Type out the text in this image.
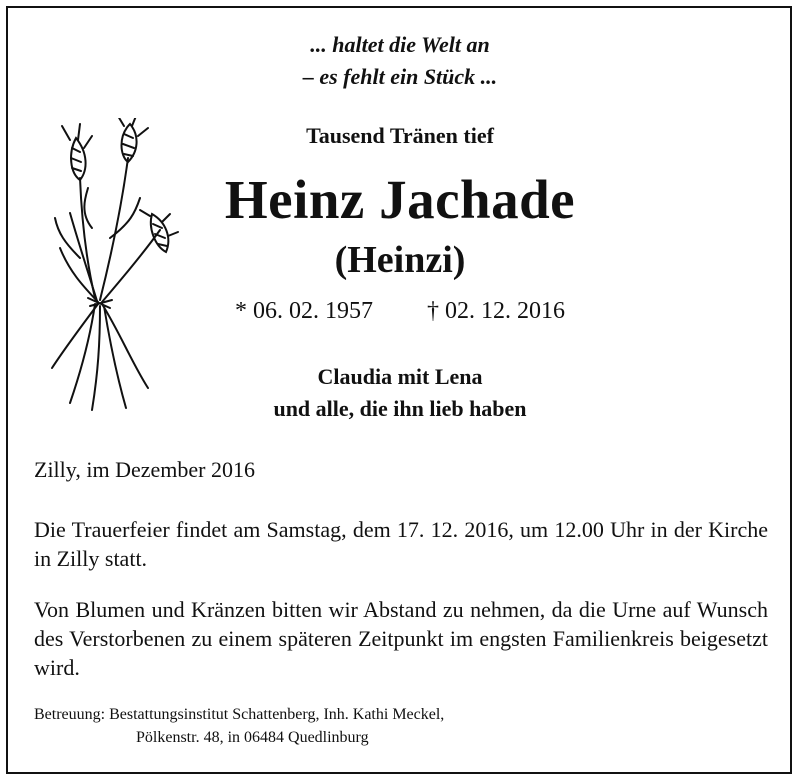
... haltet die Welt an
– es fehlt ein Stück ...
Tausend Tränen tief
Heinz Jachade
(Heinzi)
* 06. 02. 1957 † 02. 12. 2016
Claudia mit Lena
und alle, die ihn lieb haben
Zilly, im Dezember 2016
Die Trauerfeier findet am Samstag, dem 17. 12. 2016, um 12.00 Uhr in der Kirche in Zilly statt.
Von Blumen und Kränzen bitten wir Abstand zu nehmen, da die Urne auf Wunsch des Verstorbenen zu einem späteren Zeitpunkt im engsten Familienkreis beigesetzt wird.
Betreuung: Bestattungsinstitut Schattenberg, Inh. Kathi Meckel,
Pölkenstr. 48, in 06484 Quedlinburg
